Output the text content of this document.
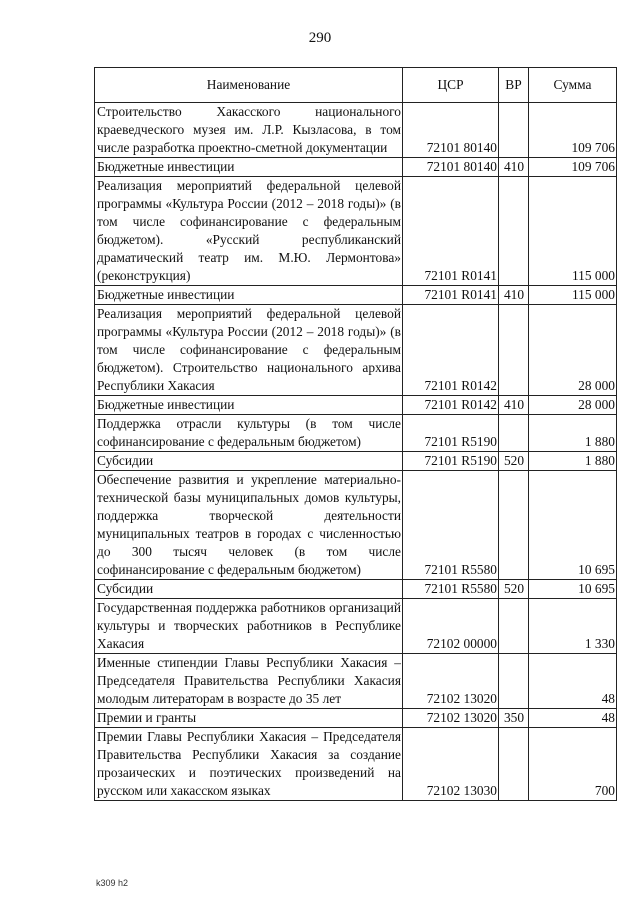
290
Наименование	ЦСР	ВР	Сумма
Строительство Хакасского национального краеведческого музея им. Л.Р. Кызласова, в том числе разработка проектно-сметной документации	72101 80140		109 706
Бюджетные инвестиции	72101 80140	410	109 706
Реализация мероприятий федеральной целевой программы «Культура России (2012 – 2018 годы)» (в том числе софинансирование с федеральным бюджетом). «Русский республиканский драматический театр им. М.Ю. Лермонтова» (реконструкция)	72101 R0141		115 000
Бюджетные инвестиции	72101 R0141	410	115 000
Реализация мероприятий федеральной целевой программы «Культура России (2012 – 2018 годы)» (в том числе софинансирование с федеральным бюджетом). Строительство национального архива Республики Хакасия	72101 R0142		28 000
Бюджетные инвестиции	72101 R0142	410	28 000
Поддержка отрасли культуры (в том числе софинансирование с федеральным бюджетом)	72101 R5190		1 880
Субсидии	72101 R5190	520	1 880
Обеспечение развития и укрепление материально-технической базы муниципальных домов культуры, поддержка творческой деятельности муниципальных театров в городах с численностью до 300 тысяч человек (в том числе софинансирование с федеральным бюджетом)	72101 R5580		10 695
Субсидии	72101 R5580	520	10 695
Государственная поддержка работников организаций культуры и творческих работников в Республике Хакасия	72102 00000		1 330
Именные стипендии Главы Республики Хакасия – Председателя Правительства Республики Хакасия молодым литераторам в возрасте до 35 лет	72102 13020		48
Премии и гранты	72102 13020	350	48
Премии Главы Республики Хакасия – Председателя Правительства Республики Хакасия за создание прозаических и поэтических произведений на русском или хакасском языках	72102 13030		700
k309 h2
